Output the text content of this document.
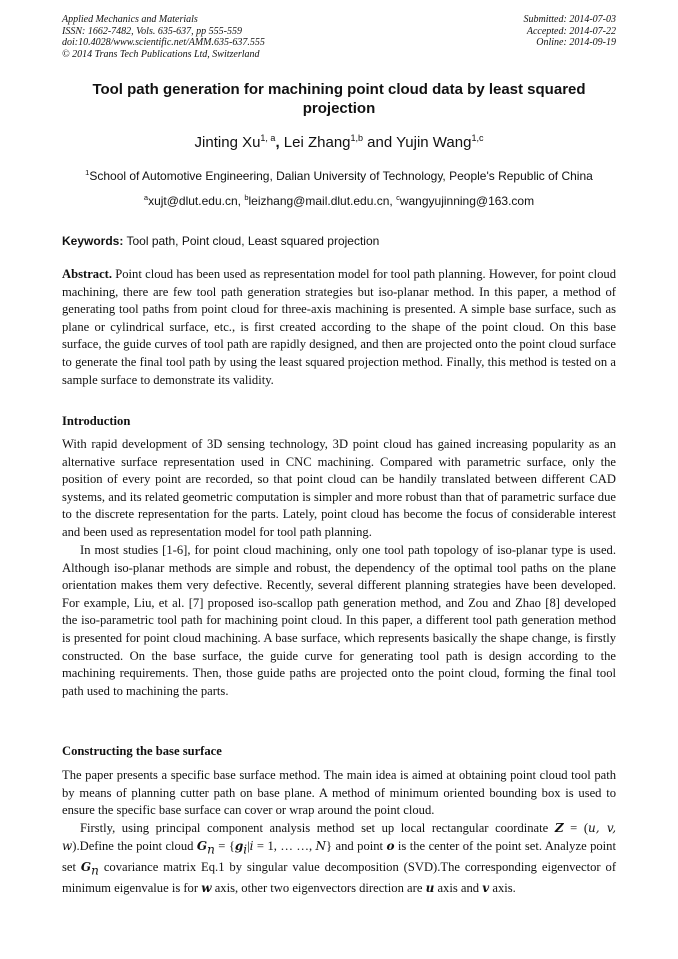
Applied Mechanics and Materials
ISSN: 1662-7482, Vols. 635-637, pp 555-559
doi:10.4028/www.scientific.net/AMM.635-637.555
© 2014 Trans Tech Publications Ltd, Switzerland
Submitted: 2014-07-03
Accepted: 2014-07-22
Online: 2014-09-19
Tool path generation for machining point cloud data by least squared projection
Jinting Xu$^{1, a}$, Lei Zhang$^{1,b}$ and Yujin Wang$^{1,c}$
$^1$School of Automotive Engineering, Dalian University of Technology, People's Republic of China
$^a$xujt@dlut.edu.cn, $^b$leizhang@mail.dlut.edu.cn, $^c$wangyujinning@163.com
Keywords: Tool path, Point cloud, Least squared projection

Abstract. Point cloud has been used as representation model for tool path planning. However, for point cloud machining, there are few tool path generation strategies but iso-planar method. In this paper, a method of generating tool paths from point cloud for three-axis machining is presented. A simple base surface, such as plane or cylindrical surface, etc., is first created according to the shape of the point cloud. On this base surface, the guide curves of tool path are rapidly designed, and then are projected onto the point cloud surface to generate the final tool path by using the least squared projection method. Finally, this method is tested on a sample surface to demonstrate its validity.

Introduction

With rapid development of 3D sensing technology, 3D point cloud has gained increasing popularity as an alternative surface representation used in CNC machining. Compared with parametric surface, only the position of every point are recorded, so that point cloud can be handily translated between different CAD systems, and its related geometric computation is simpler and more robust than that of parametric surface due to the discrete representation for the parts. Lately, point cloud has become the focus of considerable interest and been used as representation model for tool path planning.

In most studies [1-6], for point cloud machining, only one tool path topology of iso-planar type is used. Although iso-planar methods are simple and robust, the dependency of the optimal tool paths on the plane orientation makes them very defective. Recently, several different planning strategies have been developed. For example, Liu, et al. [7] proposed iso-scallop path generation method, and Zou and Zhao [8] developed the iso-parametric tool path for machining point cloud. In this paper, a different tool path generation method is presented for point cloud machining. A base surface, which represents basically the shape change, is firstly constructed. On the base surface, the guide curve for generating tool path is design according to the machining requirements. Then, those guide paths are projected onto the point cloud, forming the final tool path used to machining the parts.

Constructing the base surface

The paper presents a specific base surface method. The main idea is aimed at obtaining point cloud tool path by means of planning cutter path on base plane. A method of minimum oriented bounding box is used to ensure the specific base surface can cover or wrap around the point cloud.

Firstly, using principal component analysis method set up local rectangular coordinate Z = (u, v, w).Define the point cloud $G_n = \{g_i|i = 1$, … …, N} and point o is the center of the point set. Analyze point set $G_n$ covariance matrix Eq.1 by singular value decomposition (SVD).The corresponding eigenvector of minimum eigenvalue is for w axis, other two eigenvectors direction are u axis and v axis.
